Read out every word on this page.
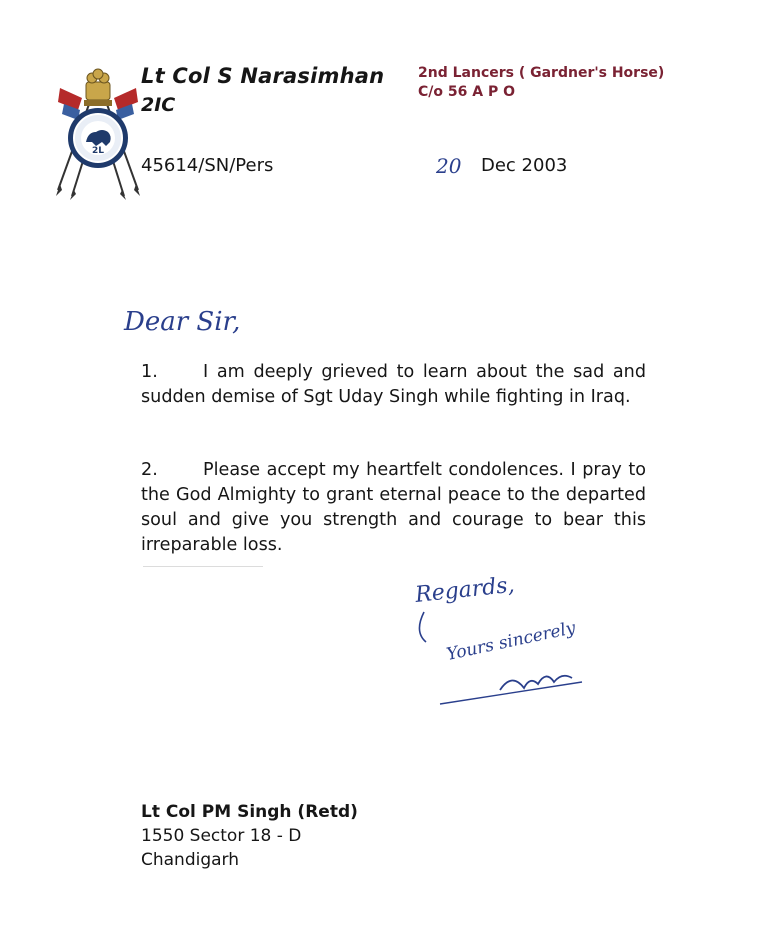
2L
Lt Col S Narasimhan
2IC
2nd Lancers ( Gardner's Horse)
C/o 56 A P O
45614/SN/Pers	20 Dec 2003
Dear Sir,
1.	I am deeply grieved to learn about the sad and sudden demise of Sgt Uday Singh while fighting in Iraq.
2.	Please accept my heartfelt condolences. I pray to the God Almighty to grant eternal peace to the departed soul and give you strength and courage to bear this irreparable loss.
Regards,
Yours sincerely
Lt Col PM Singh (Retd)
1550 Sector 18 - D
Chandigarh
